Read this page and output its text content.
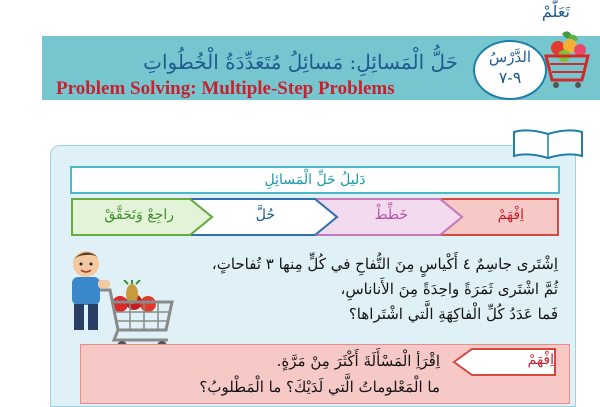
حَلُّ الْمَسائِلِ: مَسائِلُ مُتَعَدِّدَةُ الْخُطُواتِ
Problem Solving: Multiple-Step Problems
الدَّرْسُ
٩-٧
تَعَلَّمْ
دَليلُ حَلِّ الْمَسائِلِ
اِفْهَمْ
خَطِّطْ
حُلَّ
راجِعْ وَتَحَقَّقْ
اِشْتَرى جاسِمٌ ٤ أَكْياسٍ مِنَ التُّفاحِ في كُلٍّ مِنها ٣ تُفاحاتٍ،
ثُمَّ اشْتَرى ثَمَرَةً واحِدَةً مِنَ الأَناناسِ،
فَما عَدَدُ كُلِّ الْفاكِهَةِ الَّتي اشْتَراها؟
اِفْهَمْ
اِقْرَأِ الْمَسْأَلَةَ أَكْثَرَ مِنْ مَرَّةٍ.
ما الْمَعْلوماتُ الَّتي لَدَيْكَ؟ ما الْمَطْلوبُ؟
